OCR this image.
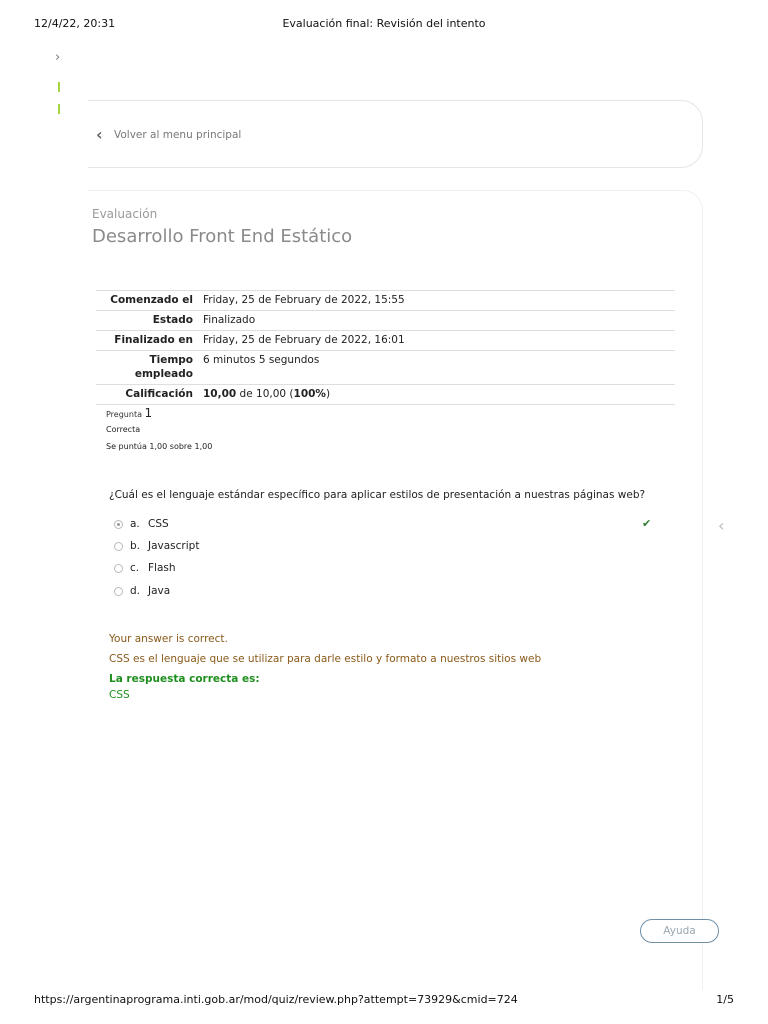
12/4/22, 20:31	Evaluación final: Revisión del intento
›
‹	Volver al menu principal
Evaluación
Desarrollo Front End Estático
Comenzado el	Friday, 25 de February de 2022, 15:55
Estado	Finalizado
Finalizado en	Friday, 25 de February de 2022, 16:01
Tiempo empleado	6 minutos 5 segundos
Calificación	10,00 de 10,00 (100%)
Pregunta 1
Correcta
Se puntúa 1,00 sobre 1,00
¿Cuál es el lenguaje estándar específico para aplicar estilos de presentación a nuestras páginas web?
a. CSS
b. Javascript
c. Flash
d. Java
✔	‹
Your answer is correct.
CSS es el lenguaje que se utilizar para darle estilo y formato a nuestros sitios web
La respuesta correcta es:
CSS
Ayuda
https://argentinaprograma.inti.gob.ar/mod/quiz/review.php?attempt=73929&cmid=724	1/5
